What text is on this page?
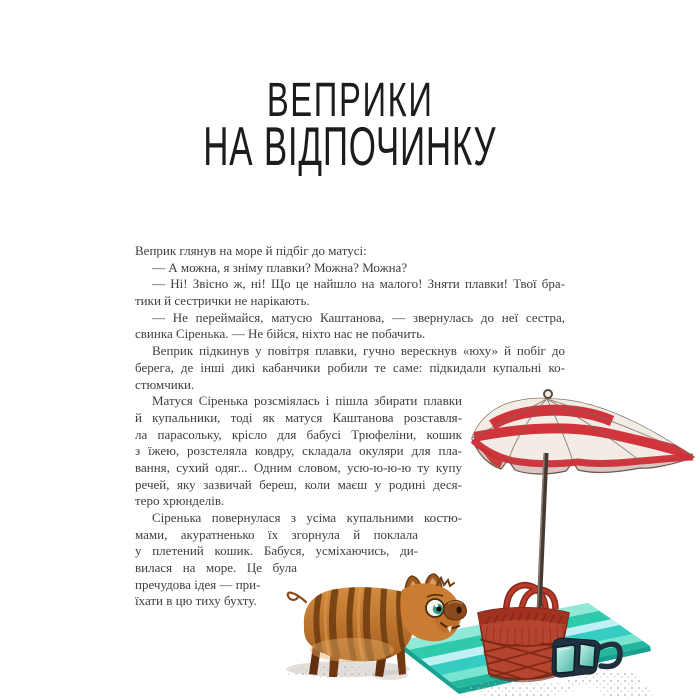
ВЕПРИКИ
НА ВІДПОЧИНКУ
Веприк глянув на море й підбіг до матусі:
— А можна, я зніму плавки? Можна? Можна?
— Ні! Звісно ж, ні! Що це найшло на малого! Зняти плавки! Твої бра-
тики й сестрички не нарікають.
— Не переймайся, матусю Каштанова, — звернулась до неї сестра,
свинка Сіренька. — Не бійся, ніхто нас не побачить.
Веприк підкинув у повітря плавки, гучно верескнув «юху» й побіг до
берега, де інші дикі кабанчики робили те саме: підкидали купальні ко-
стюмчики.
Матуся Сіренька розсміялась і пішла збирати плавки
й купальники, тоді як матуся Каштанова розставля-
ла парасольку, крісло для бабусі Трюфеліни, кошик
з їжею, розстеляла ковдру, складала окуляри для пла-
вання, сухий одяг... Одним словом, усю-ю-ю-ю ту купу
речей, яку зазвичай береш, коли маєш у родині деся-
теро хрюнделів.
Сіренька повернулася з усіма купальними костю-
мами, акуратненько їх згорнула й поклала
у плетений кошик. Бабуся, усміхаючись, ди-
вилася на море. Це була
пречудова ідея — при-
їхати в цю тиху бухту.
